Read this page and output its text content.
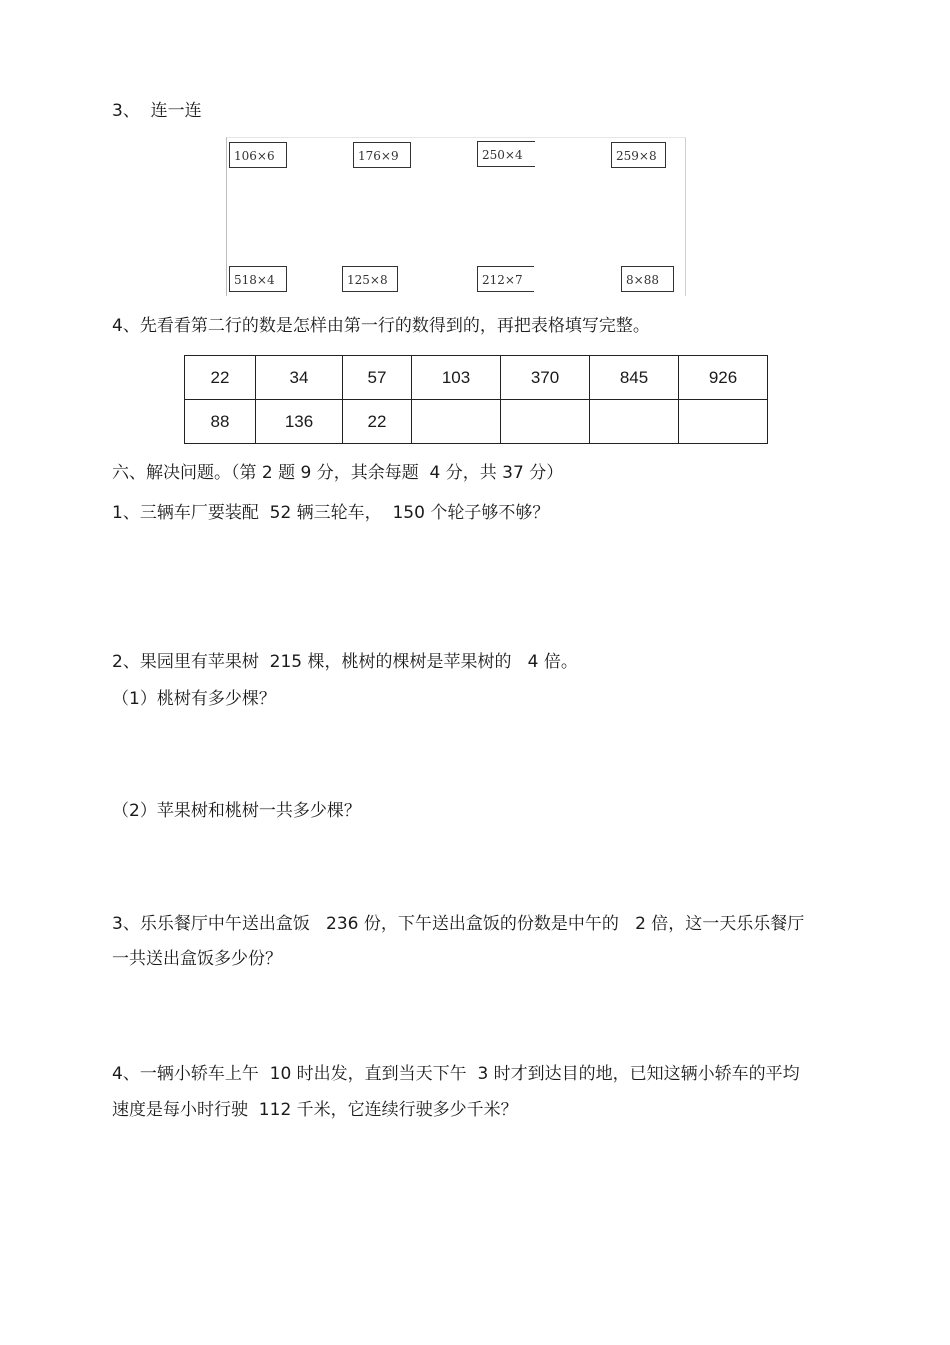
3、  连一连
106×6	176×9	250×4	259×8
518×4	125×8	212×7	8×88
4、先看看第二行的数是怎样由第一行的数得到的，再把表格填写完整。
22	34	57	103	370	845	926
88	136	22				
六、解决问题。（第 2 题 9 分，其余每题  4 分，共 37 分）
1、三辆车厂要装配  52 辆三轮车，  150 个轮子够不够？
2、果园里有苹果树  215 棵，桃树的棵树是苹果树的   4 倍。
（1）桃树有多少棵？
（2）苹果树和桃树一共多少棵？
3、乐乐餐厅中午送出盒饭   236 份，下午送出盒饭的份数是中午的   2 倍，这一天乐乐餐厅
一共送出盒饭多少份？
4、一辆小轿车上午  10 时出发，直到当天下午  3 时才到达目的地，已知这辆小轿车的平均
速度是每小时行驶  112 千米，它连续行驶多少千米？
